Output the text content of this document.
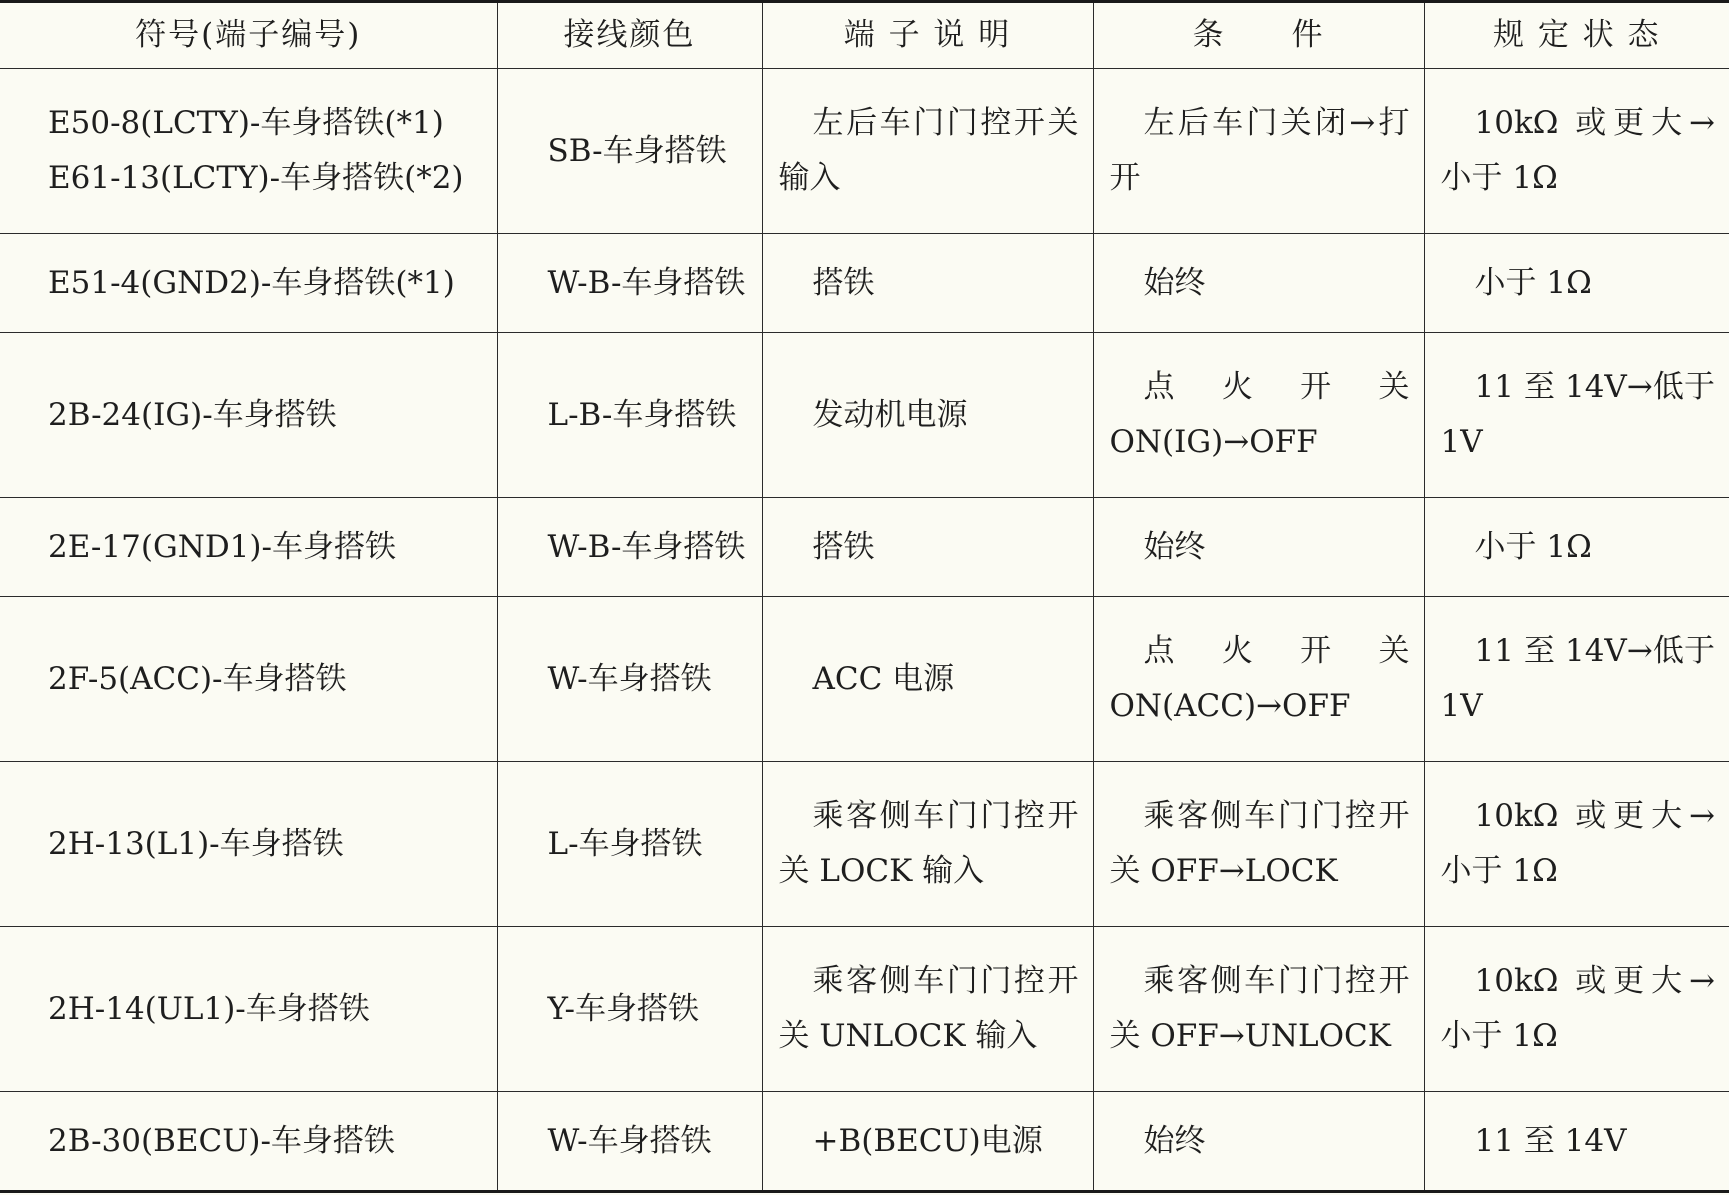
符号(端子编号)	接线颜色	端 子 说 明	条　　件	规 定 状 态

E50-8(LCTY)-车身搭铁(*1)
E61-13(LCTY)-车身搭铁(*2)	SB-车身搭铁	左后车门门控开关输入	左后车门关闭→打开	10kΩ 或更大→小于 1Ω

E51-4(GND2)-车身搭铁(*1)	W-B-车身搭铁	搭铁	始终	小于 1Ω

2B-24(IG)-车身搭铁	L-B-车身搭铁	发动机电源	点火开关 ON(IG)→OFF	11 至 14V→低于 1V

2E-17(GND1)-车身搭铁	W-B-车身搭铁	搭铁	始终	小于 1Ω

2F-5(ACC)-车身搭铁	W-车身搭铁	ACC 电源	点火开关 ON(ACC)→OFF	11 至 14V→低于 1V

2H-13(L1)-车身搭铁	L-车身搭铁	乘客侧车门门控开关 LOCK 输入	乘客侧车门门控开关 OFF→LOCK	10kΩ 或更大→小于 1Ω

2H-14(UL1)-车身搭铁	Y-车身搭铁	乘客侧车门门控开关 UNLOCK 输入	乘客侧车门门控开关 OFF→UNLOCK	10kΩ 或更大→小于 1Ω

2B-30(BECU)-车身搭铁	W-车身搭铁	+B(BECU)电源	始终	11 至 14V
